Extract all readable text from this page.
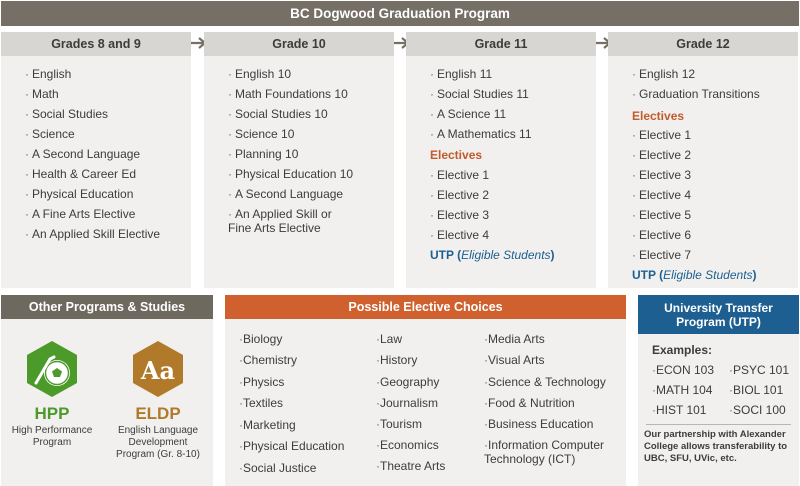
BC Dogwood Graduation Program
Grades 8 and 9
· English
· Math
· Social Studies
· Science
· A Second Language
· Health & Career Ed
· Physical Education
· A Fine Arts Elective
· An Applied Skill Elective
Grade 10
· English 10
· Math Foundations 10
· Social Studies 10
· Science 10
· Planning 10
· Physical Education 10
· A Second Language
· An Applied Skill or
Fine Arts Elective
Grade 11
· English 11
· Social Studies 11
· A Science 11
· A Mathematics 11
Electives
· Elective 1
· Elective 2
· Elective 3
· Elective 4
UTP (Eligible Students)
Grade 12
· English 12
· Graduation Transitions
Electives
· Elective 1
· Elective 2
· Elective 3
· Elective 4
· Elective 5
· Elective 6
· Elective 7
UTP (Eligible Students)
Other Programs & Studies
HPP
High Performance
Program
Aa
ELDP
English Language
Development
Program (Gr. 8-10)
Possible Elective Choices
· Biology
· Chemistry
· Physics
· Textiles
· Marketing
· Physical Education
· Social Justice
· Law
· History
· Geography
· Journalism
· Tourism
· Economics
· Theatre Arts
· Media Arts
· Visual Arts
· Science & Technology
· Food & Nutrition
· Business Education
· Information Computer
Technology (ICT)
University Transfer
Program (UTP)
Examples:
· ECON 103
· MATH 104
· HIST 101
· PSYC 101
· BIOL 101
· SOCI 100
Our partnership with Alexander College allows transferability to UBC, SFU, UVic, etc.
